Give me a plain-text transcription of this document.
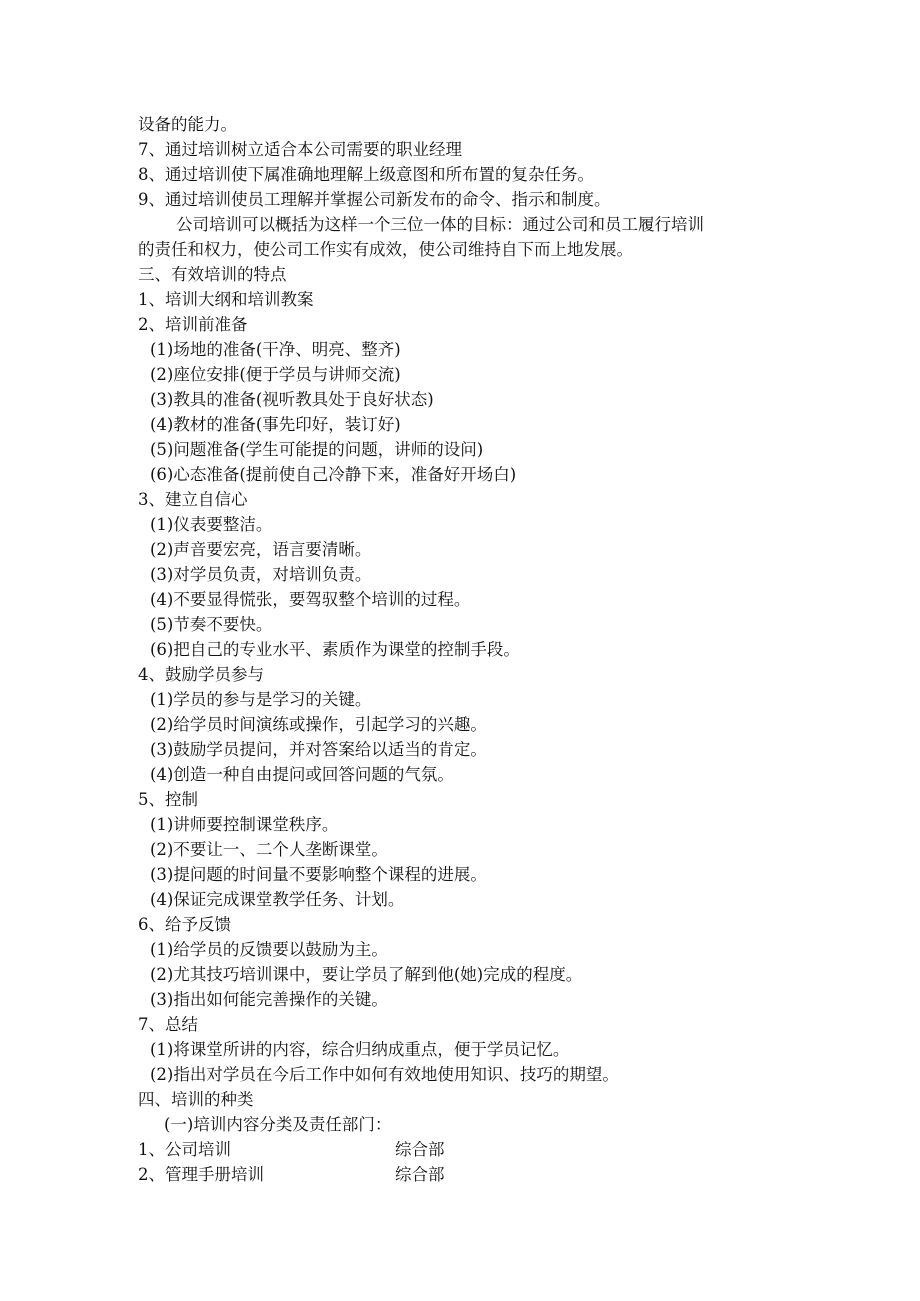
设备的能力。
7、通过培训树立适合本公司需要的职业经理
8、通过培训使下属准确地理解上级意图和所布置的复杂任务。
9、通过培训使员工理解并掌握公司新发布的命令、指示和制度。
公司培训可以概括为这样一个三位一体的目标：通过公司和员工履行培训
的责任和权力，使公司工作实有成效，使公司维持自下而上地发展。
三、有效培训的特点
1、培训大纲和培训教案
2、培训前准备
(1)场地的准备(干净、明亮、整齐)
(2)座位安排(便于学员与讲师交流)
(3)教具的准备(视听教具处于良好状态)
(4)教材的准备(事先印好，装订好)
(5)问题准备(学生可能提的问题，讲师的设问)
(6)心态准备(提前使自己冷静下来，准备好开场白)
3、建立自信心
(1)仪表要整洁。
(2)声音要宏亮，语言要清晰。
(3)对学员负责，对培训负责。
(4)不要显得慌张，要驾驭整个培训的过程。
(5)节奏不要快。
(6)把自己的专业水平、素质作为课堂的控制手段。
4、鼓励学员参与
(1)学员的参与是学习的关键。
(2)给学员时间演练或操作，引起学习的兴趣。
(3)鼓励学员提问，并对答案给以适当的肯定。
(4)创造一种自由提问或回答问题的气氛。
5、控制
(1)讲师要控制课堂秩序。
(2)不要让一、二个人垄断课堂。
(3)提问题的时间量不要影响整个课程的进展。
(4)保证完成课堂教学任务、计划。
6、给予反馈
(1)给学员的反馈要以鼓励为主。
(2)尤其技巧培训课中，要让学员了解到他(她)完成的程度。
(3)指出如何能完善操作的关键。
7、总结
(1)将课堂所讲的内容，综合归纳成重点，便于学员记忆。
(2)指出对学员在今后工作中如何有效地使用知识、技巧的期望。
四、培训的种类
(一)培训内容分类及责任部门：
1、公司培训	综合部
2、管理手册培训	综合部
